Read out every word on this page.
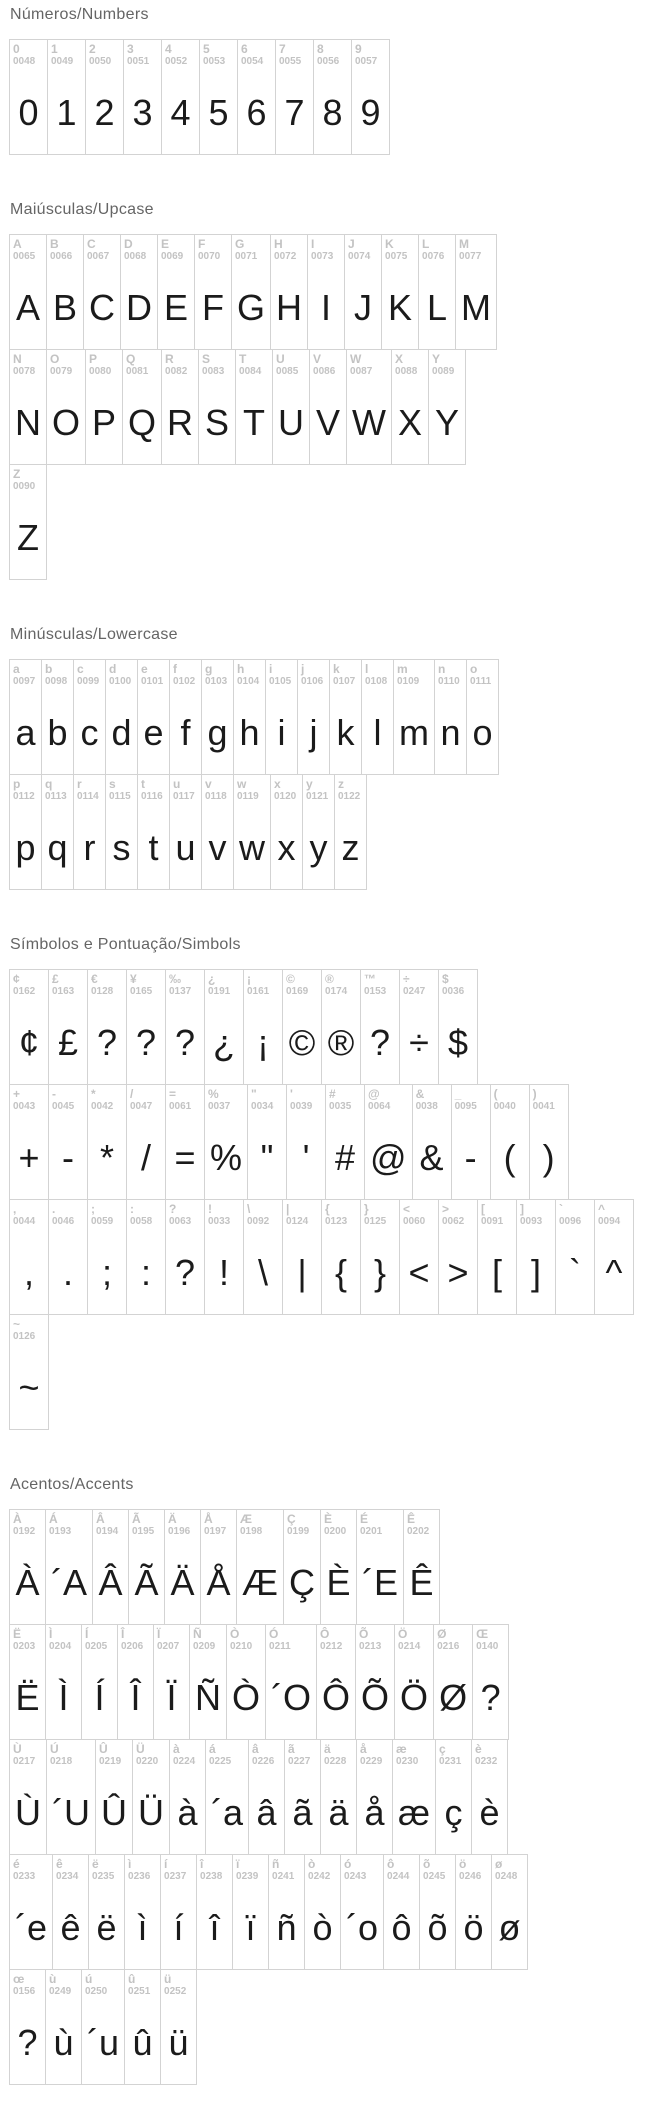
Números/Numbers
0
0048
0
1
0049
1
2
0050
2
3
0051
3
4
0052
4
5
0053
5
6
0054
6
7
0055
7
8
0056
8
9
0057
9
Maiúsculas/Upcase
A
0065
A
B
0066
B
C
0067
C
D
0068
D
E
0069
E
F
0070
F
G
0071
G
H
0072
H
I
0073
I
J
0074
J
K
0075
K
L
0076
L
M
0077
M
N
0078
N
O
0079
O
P
0080
P
Q
0081
Q
R
0082
R
S
0083
S
T
0084
T
U
0085
U
V
0086
V
W
0087
W
X
0088
X
Y
0089
Y
Z
0090
Z
Minúsculas/Lowercase
a
0097
a
b
0098
b
c
0099
c
d
0100
d
e
0101
e
f
0102
f
g
0103
g
h
0104
h
i
0105
i
j
0106
j
k
0107
k
l
0108
l
m
0109
m
n
0110
n
o
0111
o
p
0112
p
q
0113
q
r
0114
r
s
0115
s
t
0116
t
u
0117
u
v
0118
v
w
0119
w
x
0120
x
y
0121
y
z
0122
z
Símbolos e Pontuação/Simbols
¢
0162
¢
£
0163
£
€
0128
?
¥
0165
?
‰
0137
?
¿
0191
¿
¡
0161
¡
©
0169
©
®
0174
®
™
0153
?
÷
0247
÷
$
0036
$
+
0043
+
-
0045
-
*
0042
*
/
0047
/
=
0061
=
%
0037
%
"
0034
"
'
0039
'
#
0035
#
@
0064
@
&
0038
&
_
0095
-
(
0040
(
)
0041
)
,
0044
,
.
0046
.
;
0059
;
:
0058
:
?
0063
?
!
0033
!
\
0092
\
|
0124
|
{
0123
{
}
0125
}
<
0060
<
>
0062
>
[
0091
[
]
0093
]
`
0096
`
^
0094
^
~
0126
~
Acentos/Accents
À
0192
À
Á
0193
´A
Â
0194
Â
Ã
0195
Ã
Ä
0196
Ä
Å
0197
Å
Æ
0198
Æ
Ç
0199
Ç
È
0200
È
É
0201
´E
Ê
0202
Ê
Ë
0203
Ë
Ì
0204
Ì
Í
0205
Í
Î
0206
Î
Ï
0207
Ï
Ñ
0209
Ñ
Ò
0210
Ò
Ó
0211
´O
Ô
0212
Ô
Õ
0213
Õ
Ö
0214
Ö
Ø
0216
Ø
Œ
0140
?
Ù
0217
Ù
Ú
0218
´U
Û
0219
Û
Ü
0220
Ü
à
0224
à
á
0225
´a
â
0226
â
ã
0227
ã
ä
0228
ä
å
0229
å
æ
0230
æ
ç
0231
ç
è
0232
è
é
0233
´e
ê
0234
ê
ë
0235
ë
ì
0236
ì
í
0237
í
î
0238
î
ï
0239
ï
ñ
0241
ñ
ò
0242
ò
ó
0243
´o
ô
0244
ô
õ
0245
õ
ö
0246
ö
ø
0248
ø
œ
0156
?
ù
0249
ù
ú
0250
´u
û
0251
û
ü
0252
ü
